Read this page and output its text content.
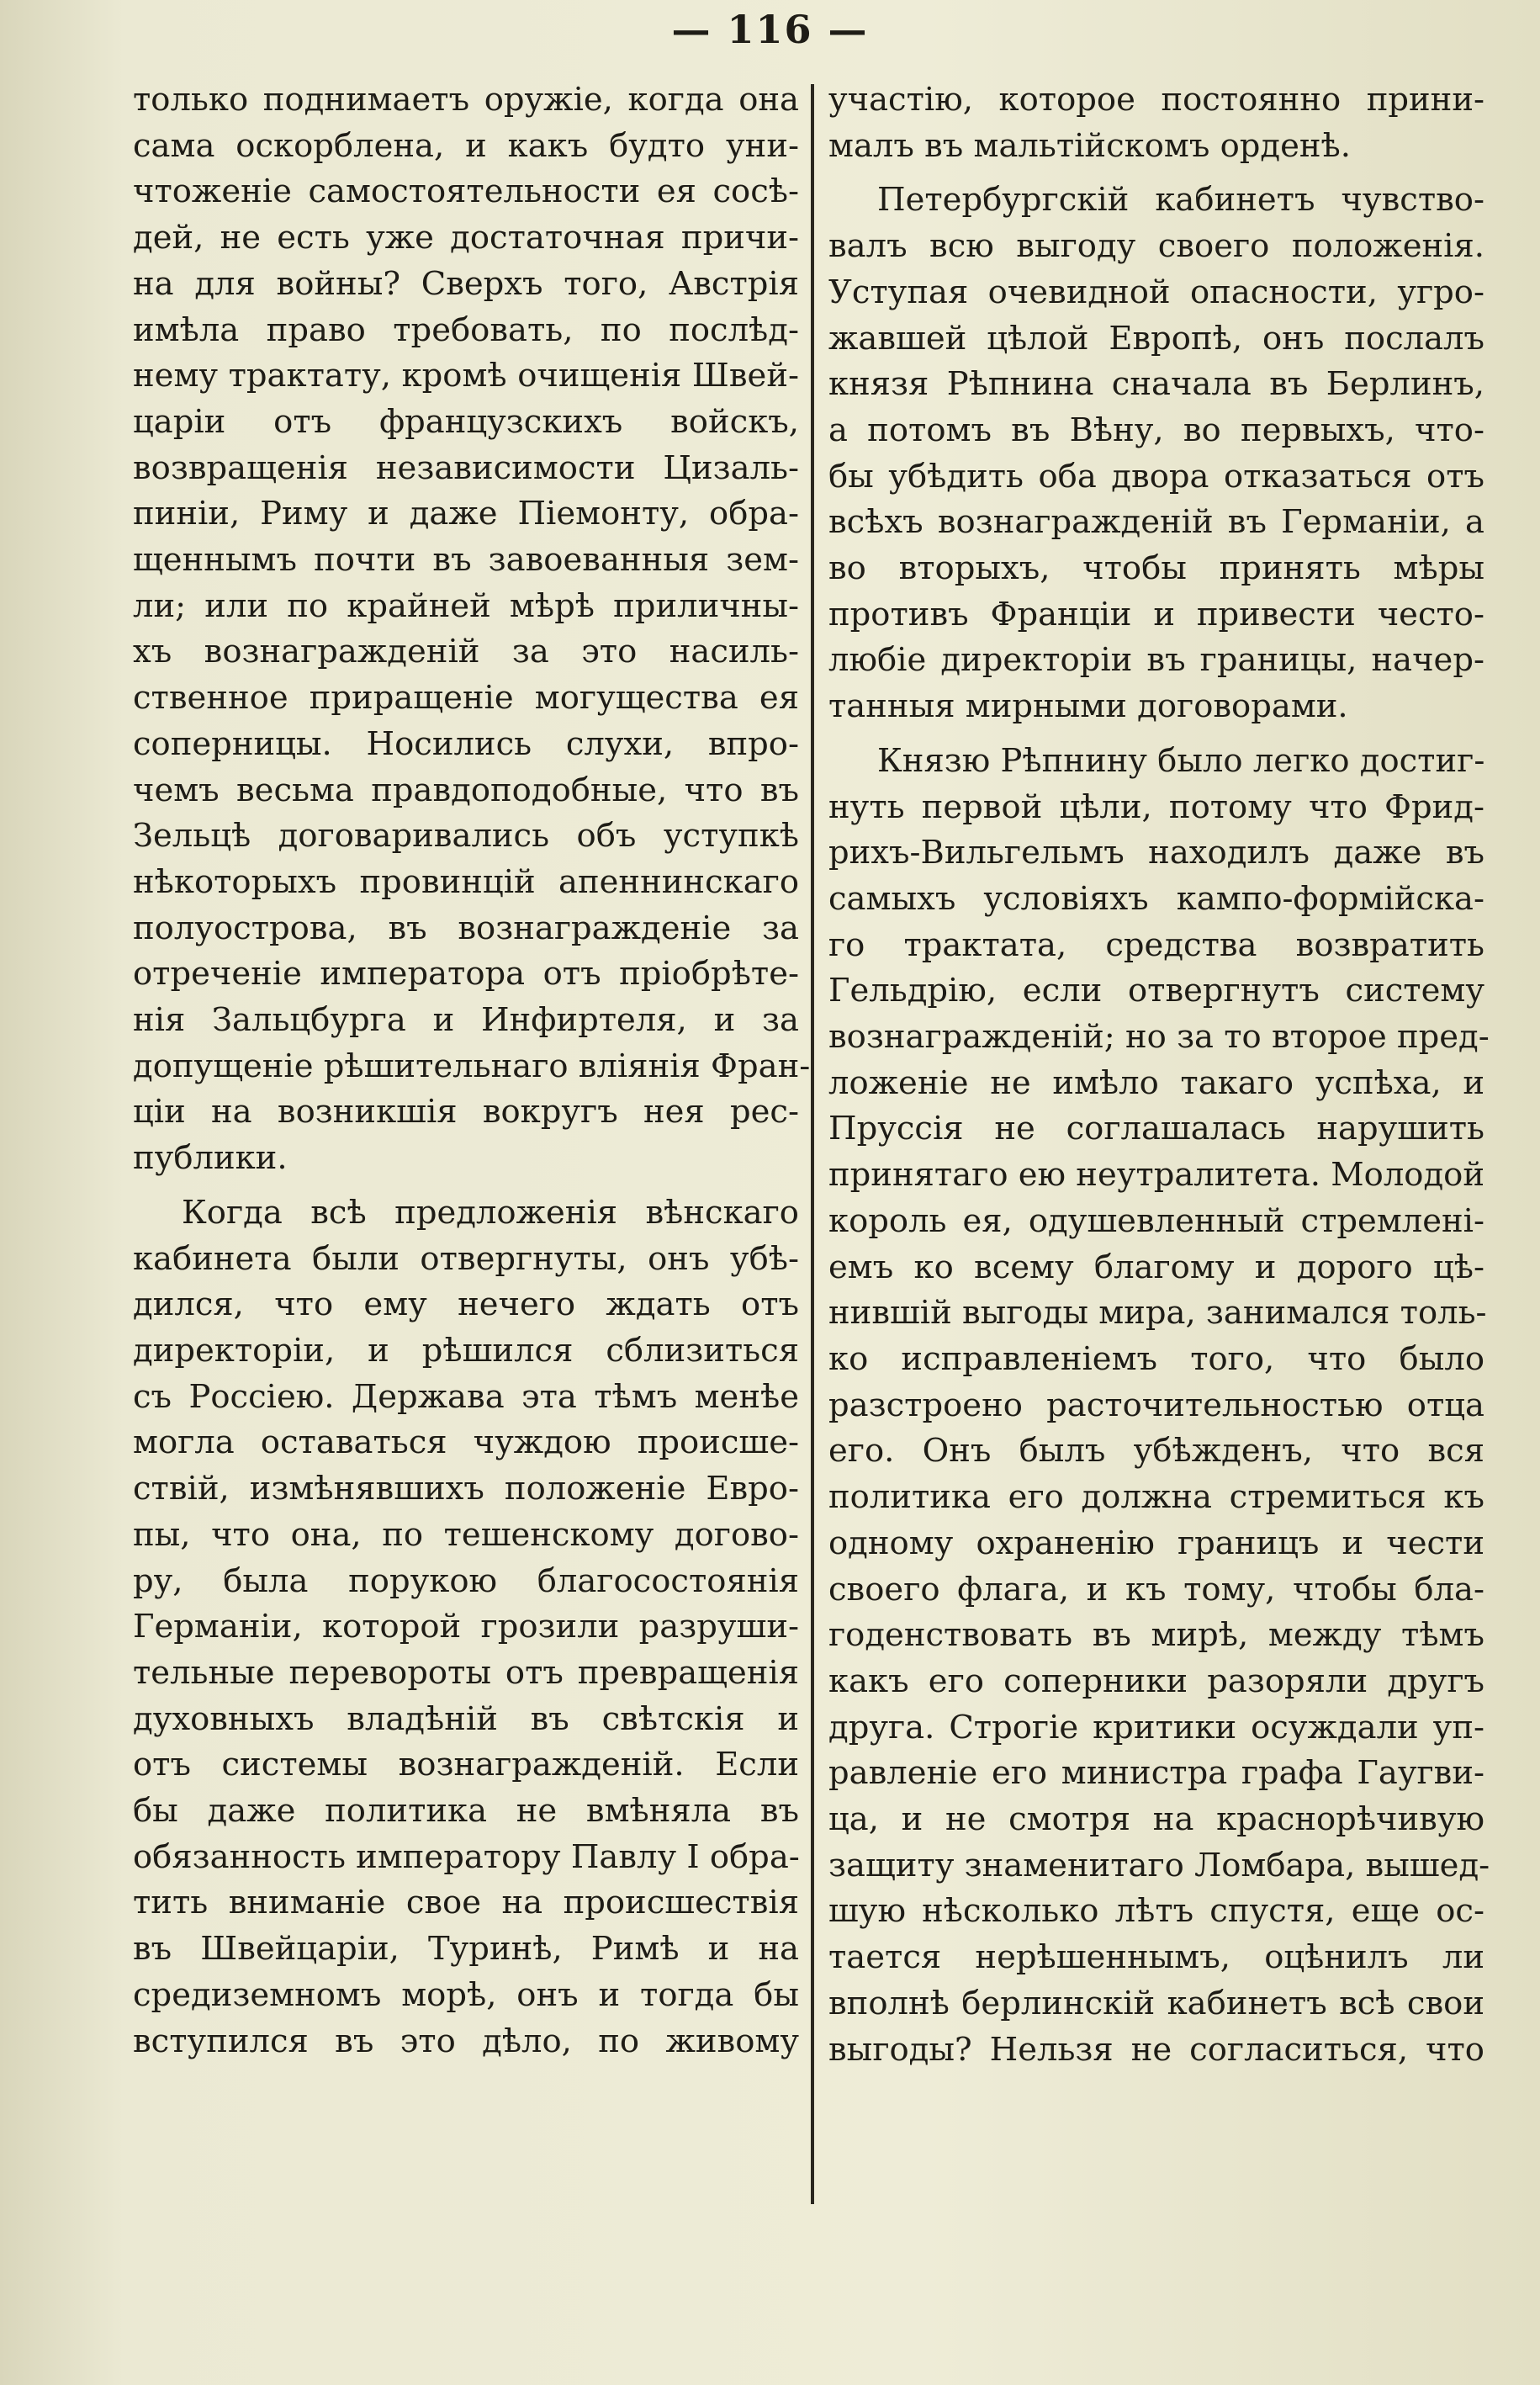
— 116 —
только поднимаетъ оружіе, когда она
сама оскорблена, и какъ будто уни-
чтоженіе самостоятельности ея сосѣ-
дей, не есть уже достаточная причи-
на для войны? Сверхъ того, Австрія
имѣла право требовать, по послѣд-
нему трактату, кромѣ очищенія Швей-
царіи отъ французскихъ войскъ,
возвращенія независимости Цизаль-
пиніи, Риму и даже Піемонту, обра-
щеннымъ почти въ завоеванныя зем-
ли; или по крайней мѣрѣ приличны-
хъ вознагражденій за это насиль-
ственное приращеніе могущества ея
соперницы. Носились слухи, впро-
чемъ весьма правдоподобные, что въ
Зельцѣ договаривались объ уступкѣ
нѣкоторыхъ провинцій апеннинскаго
полуострова, въ вознагражденіе за
отреченіе императора отъ пріобрѣте-
нія Зальцбурга и Инфиртеля, и за
допущеніе рѣшительнаго вліянія Фран-
ціи на возникшія вокругъ нея рес-
публики.
Когда всѣ предложенія вѣнскаго
кабинета были отвергнуты, онъ убѣ-
дился, что ему нечего ждать отъ
директоріи, и рѣшился сблизиться
съ Россіею. Держава эта тѣмъ менѣе
могла оставаться чуждою происше-
ствій, измѣнявшихъ положеніе Евро-
пы, что она, по тешенскому догово-
ру, была порукою благосостоянія
Германіи, которой грозили разруши-
тельные перевороты отъ превращенія
духовныхъ владѣній въ свѣтскія и
отъ системы вознагражденій. Если
бы даже политика не вмѣняла въ
обязанность императору Павлу I обра-
тить вниманіе свое на происшествія
въ Швейцаріи, Туринѣ, Римѣ и на
средиземномъ морѣ, онъ и тогда бы
вступился въ это дѣло, по живому
участію, которое постоянно прини-
малъ въ мальтійскомъ орденѣ.
Петербургскій кабинетъ чувство-
валъ всю выгоду своего положенія.
Уступая очевидной опасности, угро-
жавшей цѣлой Европѣ, онъ послалъ
князя Рѣпнина сначала въ Берлинъ,
а потомъ въ Вѣну, во первыхъ, что-
бы убѣдить оба двора отказаться отъ
всѣхъ вознагражденій въ Германіи, а
во вторыхъ, чтобы принять мѣры
противъ Франціи и привести често-
любіе директоріи въ границы, начер-
танныя мирными договорами.
Князю Рѣпнину было легко достиг-
нуть первой цѣли, потому что Фрид-
рихъ-Вильгельмъ находилъ даже въ
самыхъ условіяхъ кампо-формійска-
го трактата, средства возвратить
Гельдрію, если отвергнутъ систему
вознагражденій; но за то второе пред-
ложеніе не имѣло такаго успѣха, и
Пруссія не соглашалась нарушить
принятаго ею неутралитета. Молодой
король ея, одушевленный стремлені-
емъ ко всему благому и дорого цѣ-
нившій выгоды мира, занимался толь-
ко исправленіемъ того, что было
разстроено расточительностью отца
его. Онъ былъ убѣжденъ, что вся
политика его должна стремиться къ
одному охраненію границъ и чести
своего флага, и къ тому, чтобы бла-
годенствовать въ мирѣ, между тѣмъ
какъ его соперники разоряли другъ
друга. Строгіе критики осуждали уп-
равленіе его министра графа Гаугви-
ца, и не смотря на краснорѣчивую
защиту знаменитаго Ломбара, вышед-
шую нѣсколько лѣтъ спустя, еще ос-
тается нерѣшеннымъ, оцѣнилъ ли
вполнѣ берлинскій кабинетъ всѣ свои
выгоды? Нельзя не согласиться, что
